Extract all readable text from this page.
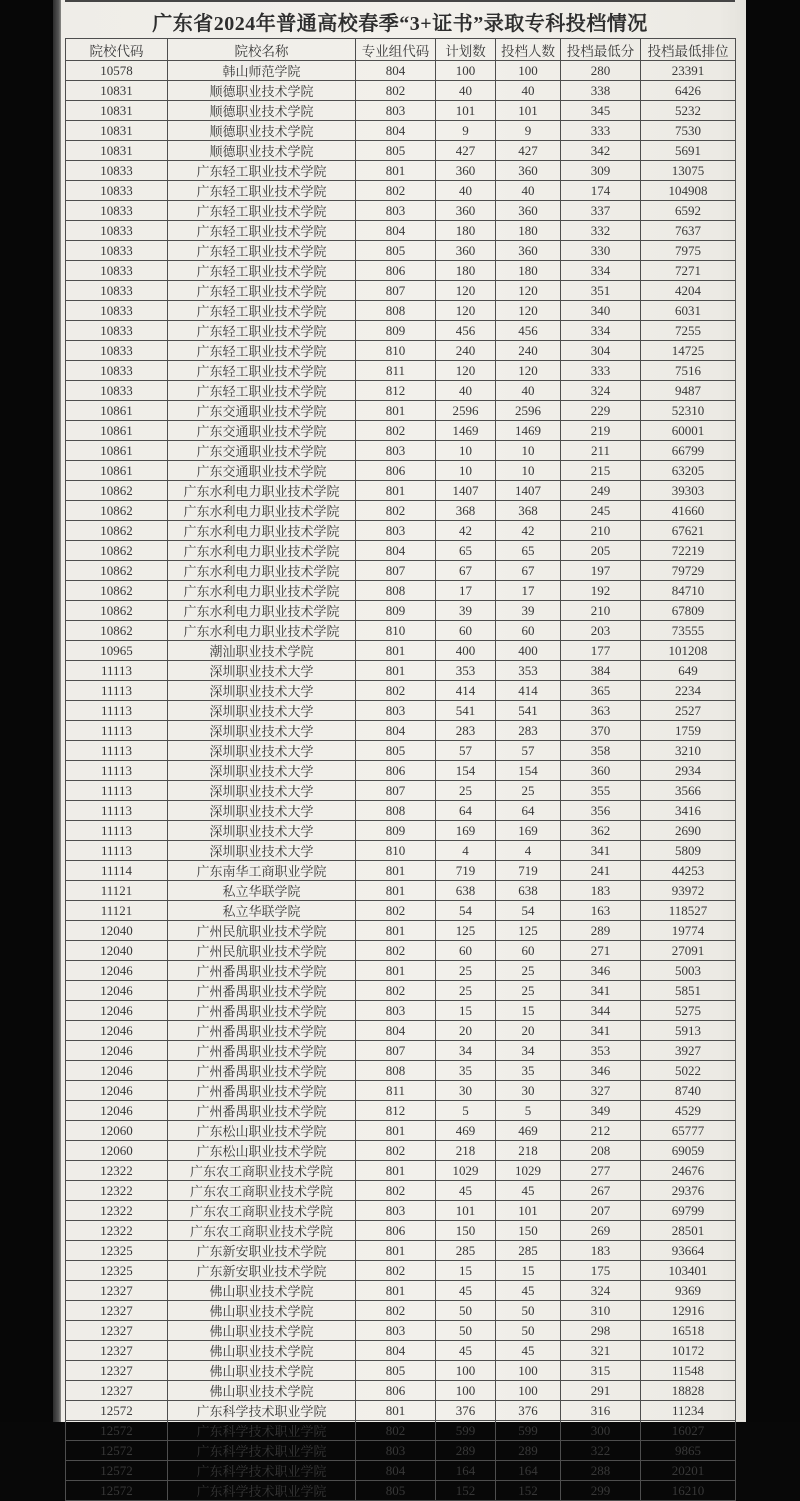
广东省2024年普通高校春季“3+证书”录取专科投档情况
院校代码	院校名称	专业组代码	计划数	投档人数	投档最低分	投档最低排位
10578	韩山师范学院	804	100	100	280	23391
10831	顺德职业技术学院	802	40	40	338	6426
10831	顺德职业技术学院	803	101	101	345	5232
10831	顺德职业技术学院	804	9	9	333	7530
10831	顺德职业技术学院	805	427	427	342	5691
10833	广东轻工职业技术学院	801	360	360	309	13075
10833	广东轻工职业技术学院	802	40	40	174	104908
10833	广东轻工职业技术学院	803	360	360	337	6592
10833	广东轻工职业技术学院	804	180	180	332	7637
10833	广东轻工职业技术学院	805	360	360	330	7975
10833	广东轻工职业技术学院	806	180	180	334	7271
10833	广东轻工职业技术学院	807	120	120	351	4204
10833	广东轻工职业技术学院	808	120	120	340	6031
10833	广东轻工职业技术学院	809	456	456	334	7255
10833	广东轻工职业技术学院	810	240	240	304	14725
10833	广东轻工职业技术学院	811	120	120	333	7516
10833	广东轻工职业技术学院	812	40	40	324	9487
10861	广东交通职业技术学院	801	2596	2596	229	52310
10861	广东交通职业技术学院	802	1469	1469	219	60001
10861	广东交通职业技术学院	803	10	10	211	66799
10861	广东交通职业技术学院	806	10	10	215	63205
10862	广东水利电力职业技术学院	801	1407	1407	249	39303
10862	广东水利电力职业技术学院	802	368	368	245	41660
10862	广东水利电力职业技术学院	803	42	42	210	67621
10862	广东水利电力职业技术学院	804	65	65	205	72219
10862	广东水利电力职业技术学院	807	67	67	197	79729
10862	广东水利电力职业技术学院	808	17	17	192	84710
10862	广东水利电力职业技术学院	809	39	39	210	67809
10862	广东水利电力职业技术学院	810	60	60	203	73555
10965	潮汕职业技术学院	801	400	400	177	101208
11113	深圳职业技术大学	801	353	353	384	649
11113	深圳职业技术大学	802	414	414	365	2234
11113	深圳职业技术大学	803	541	541	363	2527
11113	深圳职业技术大学	804	283	283	370	1759
11113	深圳职业技术大学	805	57	57	358	3210
11113	深圳职业技术大学	806	154	154	360	2934
11113	深圳职业技术大学	807	25	25	355	3566
11113	深圳职业技术大学	808	64	64	356	3416
11113	深圳职业技术大学	809	169	169	362	2690
11113	深圳职业技术大学	810	4	4	341	5809
11114	广东南华工商职业学院	801	719	719	241	44253
11121	私立华联学院	801	638	638	183	93972
11121	私立华联学院	802	54	54	163	118527
12040	广州民航职业技术学院	801	125	125	289	19774
12040	广州民航职业技术学院	802	60	60	271	27091
12046	广州番禺职业技术学院	801	25	25	346	5003
12046	广州番禺职业技术学院	802	25	25	341	5851
12046	广州番禺职业技术学院	803	15	15	344	5275
12046	广州番禺职业技术学院	804	20	20	341	5913
12046	广州番禺职业技术学院	807	34	34	353	3927
12046	广州番禺职业技术学院	808	35	35	346	5022
12046	广州番禺职业技术学院	811	30	30	327	8740
12046	广州番禺职业技术学院	812	5	5	349	4529
12060	广东松山职业技术学院	801	469	469	212	65777
12060	广东松山职业技术学院	802	218	218	208	69059
12322	广东农工商职业技术学院	801	1029	1029	277	24676
12322	广东农工商职业技术学院	802	45	45	267	29376
12322	广东农工商职业技术学院	803	101	101	207	69799
12322	广东农工商职业技术学院	806	150	150	269	28501
12325	广东新安职业技术学院	801	285	285	183	93664
12325	广东新安职业技术学院	802	15	15	175	103401
12327	佛山职业技术学院	801	45	45	324	9369
12327	佛山职业技术学院	802	50	50	310	12916
12327	佛山职业技术学院	803	50	50	298	16518
12327	佛山职业技术学院	804	45	45	321	10172
12327	佛山职业技术学院	805	100	100	315	11548
12327	佛山职业技术学院	806	100	100	291	18828
12572	广东科学技术职业学院	801	376	376	316	11234
12572	广东科学技术职业学院	802	599	599	300	16027
12572	广东科学技术职业学院	803	289	289	322	9865
12572	广东科学技术职业学院	804	164	164	288	20201
12572	广东科学技术职业学院	805	152	152	299	16210
